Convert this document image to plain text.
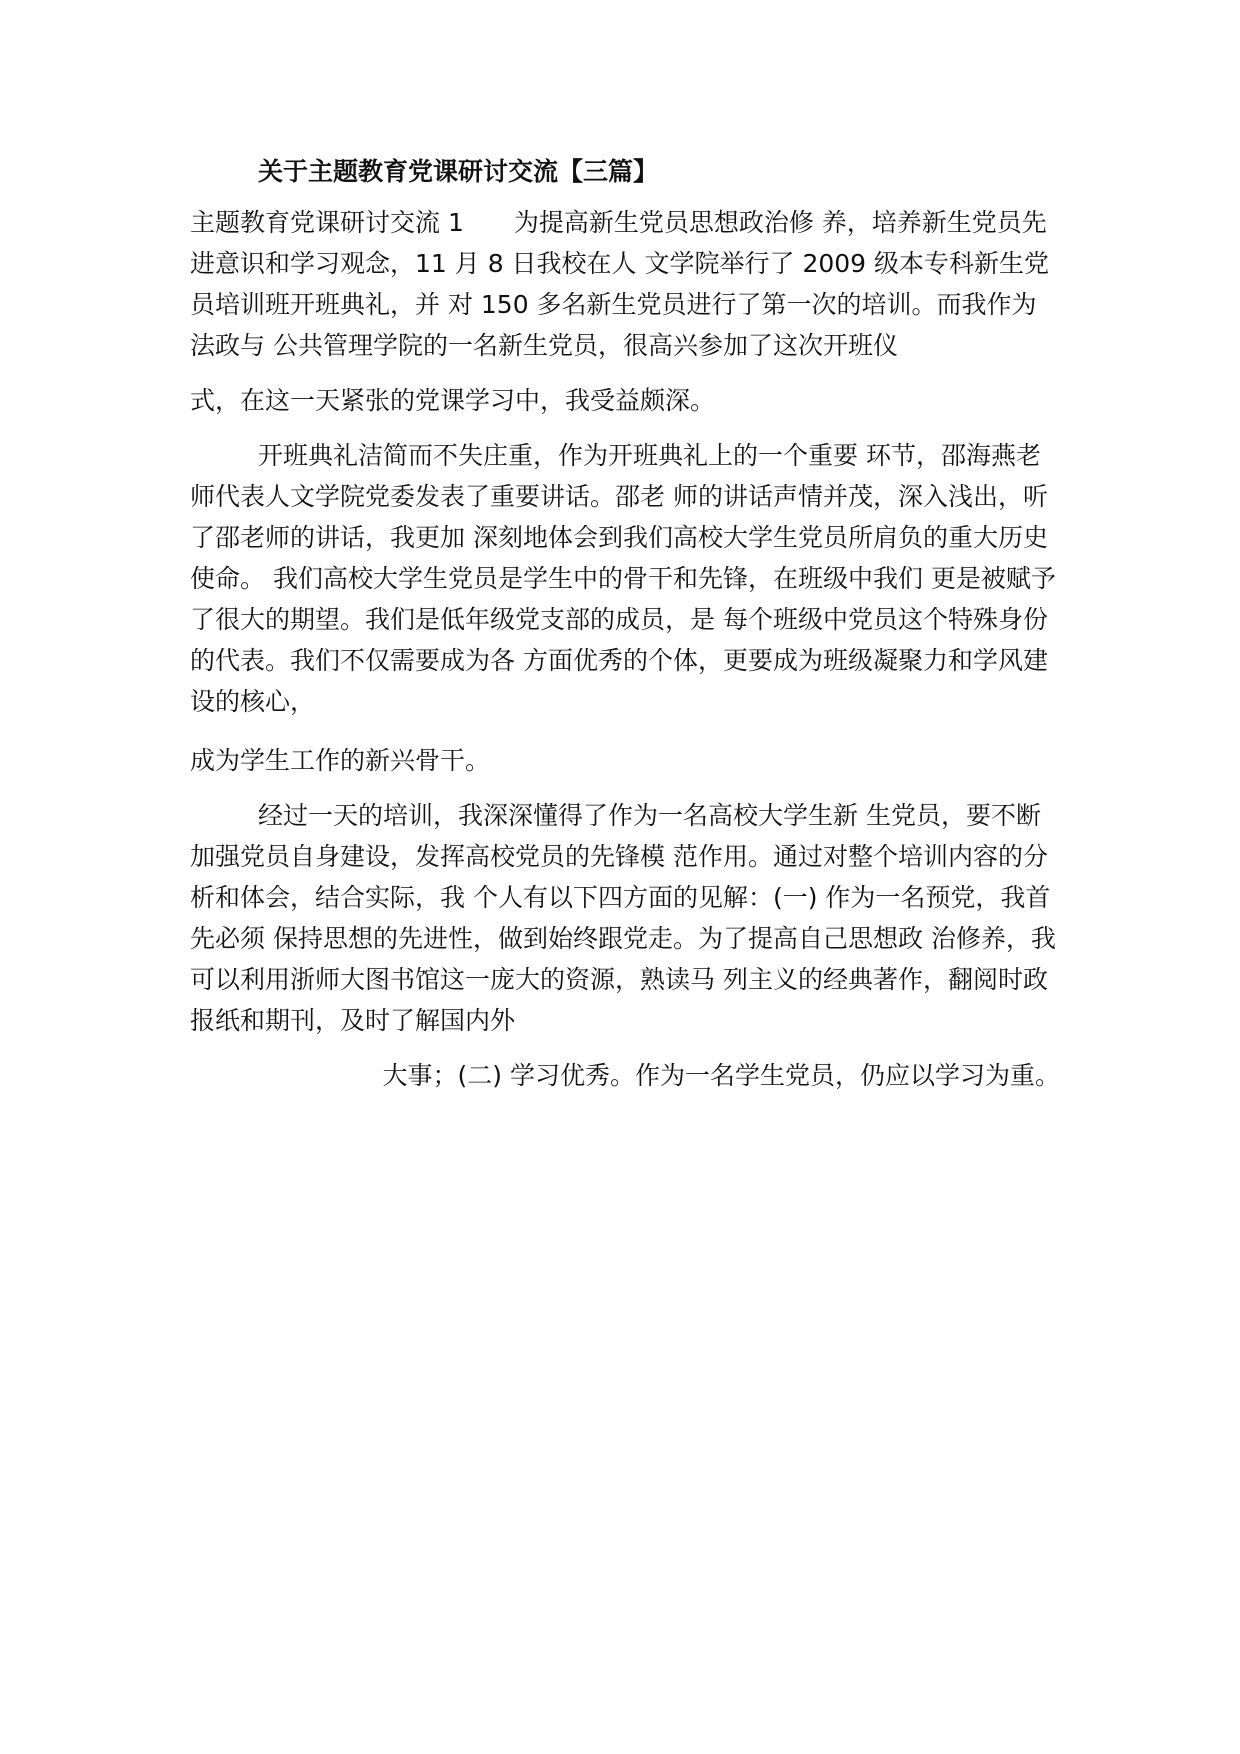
关于主题教育党课研讨交流【三篇】

主题教育党课研讨交流 1　　为提高新生党员思想政治修 养，培养新生党员先进意识和学习观念，11 月 8 日我校在人 文学院举行了 2009 级本专科新生党员培训班开班典礼，并 对 150 多名新生党员进行了第一次的培训。而我作为法政与 公共管理学院的一名新生党员，很高兴参加了这次开班仪

式，在这一天紧张的党课学习中，我受益颇深。

开班典礼洁简而不失庄重，作为开班典礼上的一个重要 环节，邵海燕老师代表人文学院党委发表了重要讲话。邵老 师的讲话声情并茂，深入浅出，听了邵老师的讲话，我更加 深刻地体会到我们高校大学生党员所肩负的重大历史使命。 我们高校大学生党员是学生中的骨干和先锋，在班级中我们 更是被赋予了很大的期望。我们是低年级党支部的成员，是 每个班级中党员这个特殊身份的代表。我们不仅需要成为各 方面优秀的个体，更要成为班级凝聚力和学风建设的核心，

成为学生工作的新兴骨干。

经过一天的培训，我深深懂得了作为一名高校大学生新 生党员，要不断加强党员自身建设，发挥高校党员的先锋模 范作用。通过对整个培训内容的分析和体会，结合实际，我 个人有以下四方面的见解：(一) 作为一名预党，我首先必须 保持思想的先进性，做到始终跟党走。为了提高自己思想政 治修养，我可以利用浙师大图书馆这一庞大的资源，熟读马 列主义的经典著作，翻阅时政报纸和期刊，及时了解国内外

大事；(二) 学习优秀。作为一名学生党员，仍应以学习为重。
